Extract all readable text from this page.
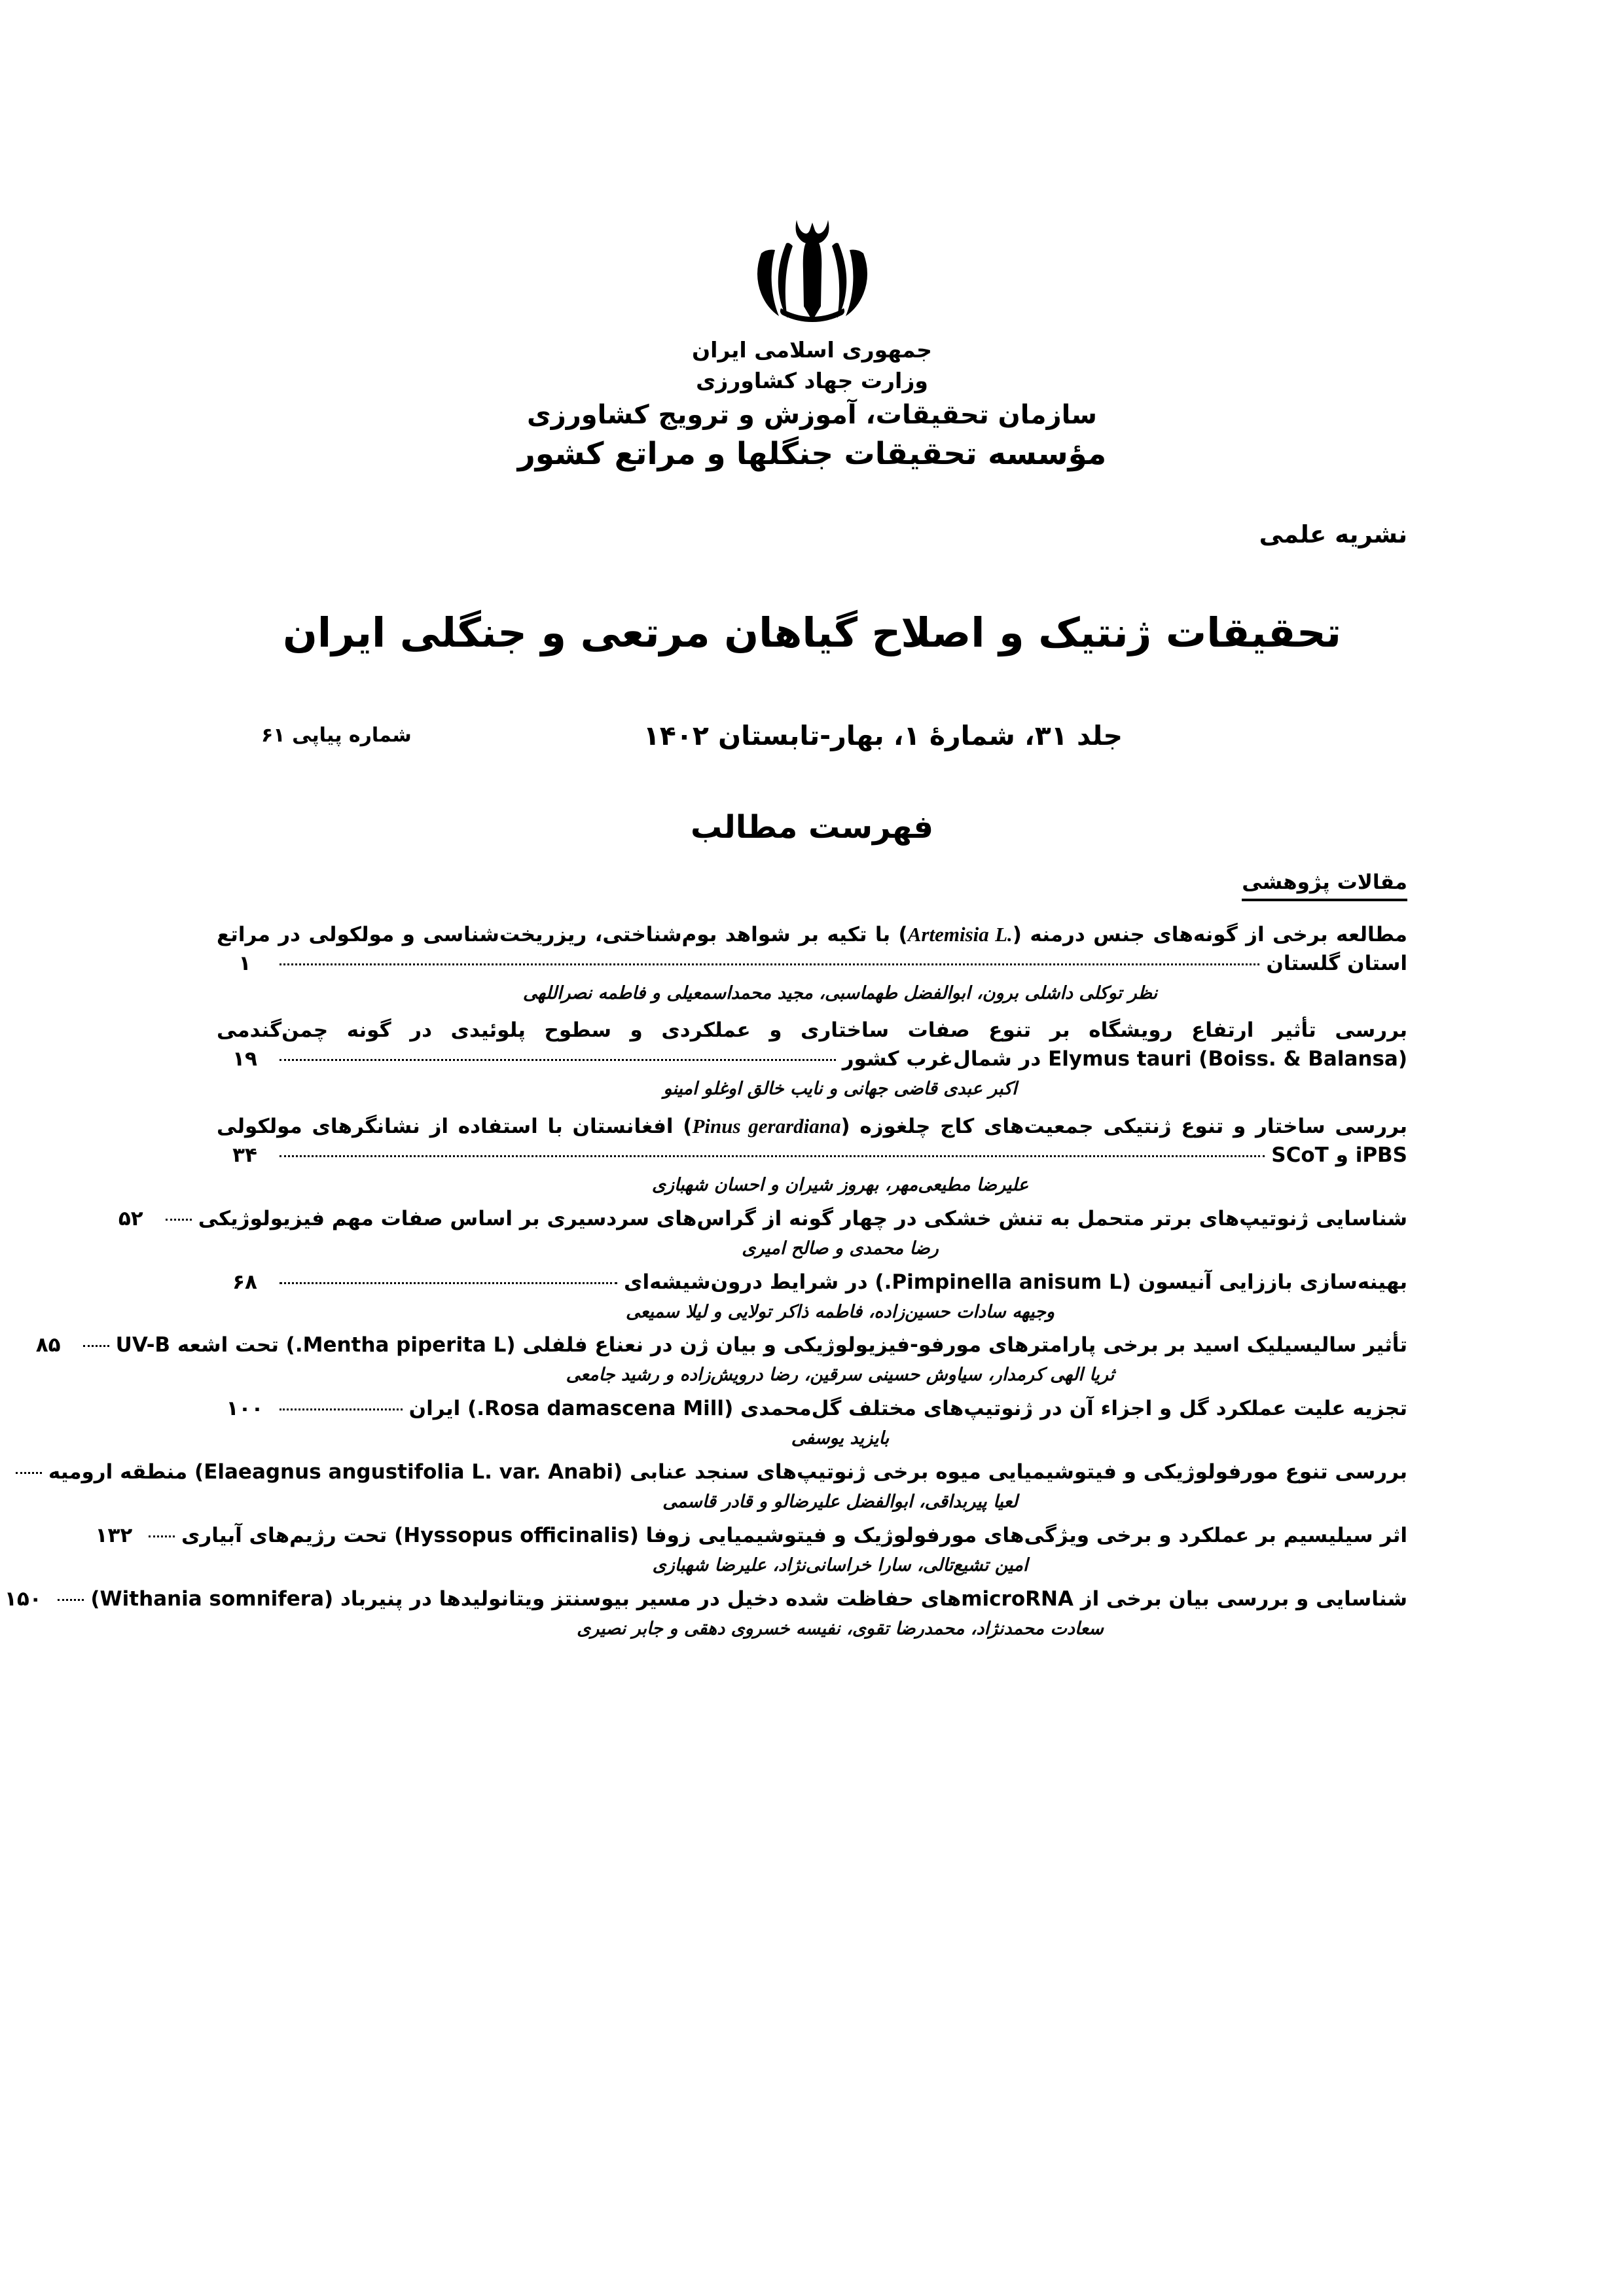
جمهوری اسلامی ایران
وزارت جهاد کشاورزی
سازمان تحقیقات، آموزش و ترویج کشاورزی
مؤسسه تحقیقات جنگلها و مراتع کشور
نشریه علمی
تحقیقات ژنتیک و اصلاح گیاهان مرتعی و جنگلی ایران
جلد ۳۱، شمارۀ ۱، بهار-تابستان ۱۴۰۲
شماره پیاپی ۶۱
فهرست مطالب
مقالات پژوهشی
مطالعه برخی از گونه‌های جنس درمنه (Artemisia L.) با تکیه بر شواهد بوم‌شناختی، ریزریخت‌شناسی و مولکولی در مراتع
استان گلستان
۱
نظر توکلی داشلی برون، ابوالفضل طهماسبی، مجید محمداسمعیلی و فاطمه نصراللهی
بررسی تأثیر ارتفاع رویشگاه بر تنوع صفات ساختاری و عملکردی و سطوح پلوئیدی در گونه چمن‌گندمی
Elymus tauri (Boiss. & Balansa) در شمال‌غرب کشور
۱۹
اکبر عبدی قاضی جهانی و نایب خالق اوغلو امینو
بررسی ساختار و تنوع ژنتیکی جمعیت‌های کاج چلغوزه (Pinus gerardiana) افغانستان با استفاده از نشانگرهای مولکولی
iPBS و SCoT
۳۴
علیرضا مطیعی‌مهر، بهروز شیران و احسان شهبازی
شناسایی ژنوتیپ‌های برتر متحمل به تنش خشکی در چهار گونه از گراس‌های سردسیری بر اساس صفات مهم فیزیولوژیکی
۵۲
رضا محمدی و صالح امیری
بهینه‌سازی باززایی آنیسون (Pimpinella anisum L.) در شرایط درون‌شیشه‌ای
۶۸
وجیهه سادات حسین‌زاده، فاطمه ذاکر تولایی و لیلا سمیعی
تأثیر سالیسیلیک اسید بر برخی پارامترهای مورفو-فیزیولوژیکی و بیان ژن در نعناع فلفلی (Mentha piperita L.) تحت اشعه UV-B
۸۵
ثریا الهی کرمدار، سیاوش حسینی سرقین، رضا درویش‌زاده و رشید جامعی
تجزیه علیت عملکرد گل و اجزاء آن در ژنوتیپ‌های مختلف گل‌محمدی (Rosa damascena Mill.) ایران
۱۰۰
بایزید یوسفی
بررسی تنوع مورفولوژیکی و فیتوشیمیایی میوه برخی ژنوتیپ‌های سنجد عنابی (Elaeagnus angustifolia L. var. Anabi) منطقه ارومیه
لعیا پیربداقی، ابوالفضل علیرضالو و قادر قاسمی
اثر سیلیسیم بر عملکرد و برخی ویژگی‌های مورفولوژیک و فیتوشیمیایی زوفا (Hyssopus officinalis) تحت رژیم‌های آبیاری
۱۳۲
امین تشیع‌تالی، سارا خراسانی‌نژاد، علیرضا شهبازی
شناسایی و بررسی بیان برخی از microRNAهای حفاظت شده دخیل در مسیر بیوسنتز ویتانولیدها در پنیرباد (Withania somnifera)
۱۵۰
سعادت محمدنژاد، محمدرضا تقوی، نفیسه خسروی دهقی و جابر نصیری
